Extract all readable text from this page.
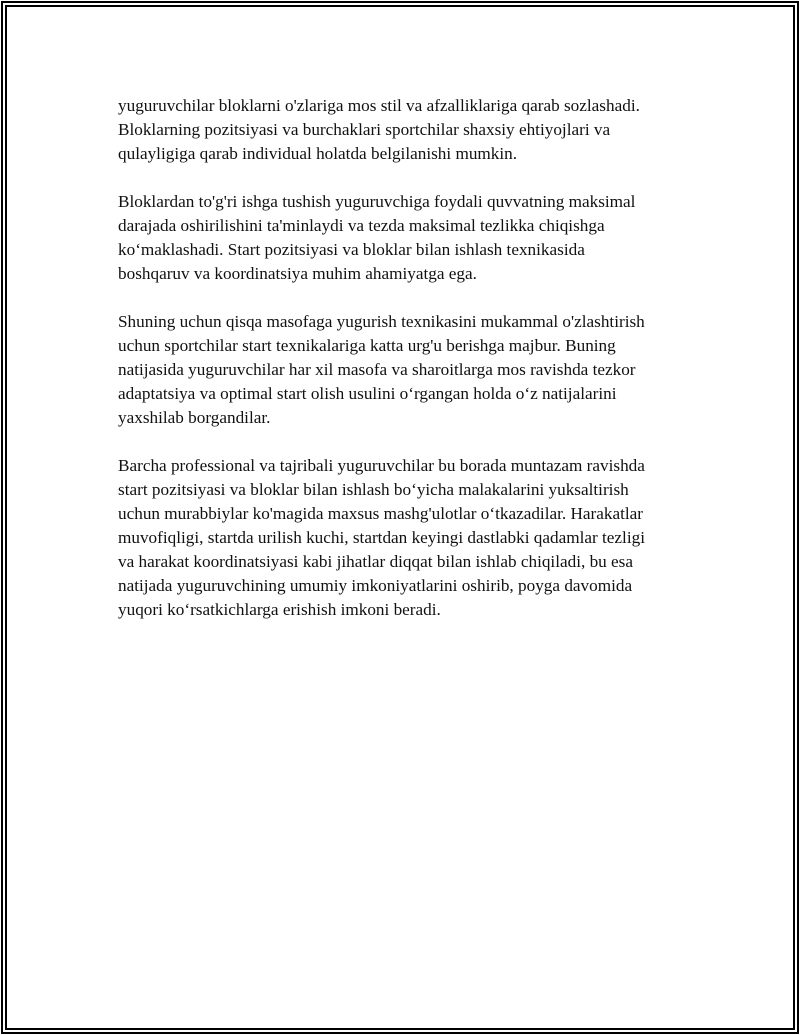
yuguruvchilar bloklarni o'zlariga mos stil va afzalliklariga qarab sozlashadi.
Bloklarning pozitsiyasi va burchaklari sportchilar shaxsiy ehtiyojlari va
qulayligiga qarab individual holatda belgilanishi mumkin.

Bloklardan to'g'ri ishga tushish yuguruvchiga foydali quvvatning maksimal
darajada oshirilishini ta'minlaydi va tezda maksimal tezlikka chiqishga
ko‘maklashadi. Start pozitsiyasi va bloklar bilan ishlash texnikasida
boshqaruv va koordinatsiya muhim ahamiyatga ega.

Shuning uchun qisqa masofaga yugurish texnikasini mukammal o'zlashtirish
uchun sportchilar start texnikalariga katta urg'u berishga majbur. Buning
natijasida yuguruvchilar har xil masofa va sharoitlarga mos ravishda tezkor
adaptatsiya va optimal start olish usulini o‘rgangan holda o‘z natijalarini
yaxshilab borgandilar.

Barcha professional va tajribali yuguruvchilar bu borada muntazam ravishda
start pozitsiyasi va bloklar bilan ishlash bo‘yicha malakalarini yuksaltirish
uchun murabbiylar ko'magida maxsus mashg'ulotlar o‘tkazadilar. Harakatlar
muvofiqligi, startda urilish kuchi, startdan keyingi dastlabki qadamlar tezligi
va harakat koordinatsiyasi kabi jihatlar diqqat bilan ishlab chiqiladi, bu esa
natijada yuguruvchining umumiy imkoniyatlarini oshirib, poyga davomida
yuqori ko‘rsatkichlarga erishish imkoni beradi.
